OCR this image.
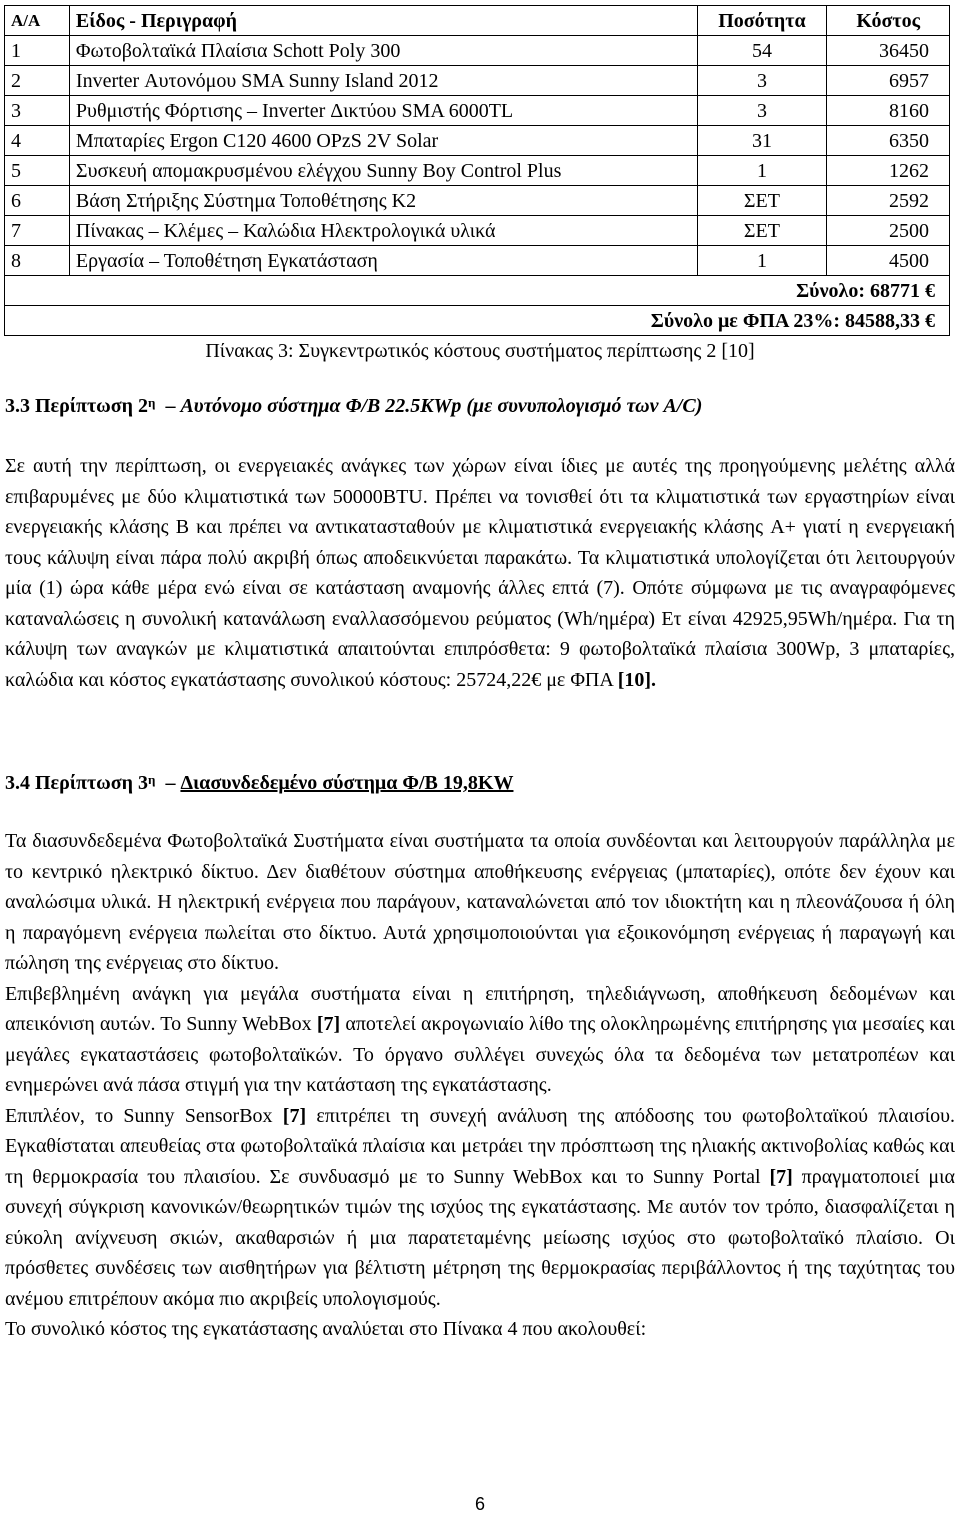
Α/Α	Είδος - Περιγραφή	Ποσότητα	Κόστος
1	Φωτοβολταϊκά Πλαίσια Schott Poly 300	54	36450
2	Inverter Αυτονόμου SMA Sunny Island 2012	3	6957
3	Ρυθμιστής Φόρτισης – Inverter Δικτύου SMA 6000TL	3	8160
4	Μπαταρίες Ergon C120 4600 OPzS 2V Solar	31	6350
5	Συσκευή απομακρυσμένου ελέγχου Sunny Boy Control Plus	1	1262
6	Βάση Στήριξης Σύστημα Τοποθέτησης Κ2	ΣΕΤ	2592
7	Πίνακας – Κλέμες – Καλώδια Ηλεκτρολογικά υλικά	ΣΕΤ	2500
8	Εργασία – Τοποθέτηση Εγκατάσταση	1	4500
Σύνολο: 68771 €			
Σύνολο με ΦΠΑ 23%: 84588,33 €			
Πίνακας 3: Συγκεντρωτικός κόστους συστήματος περίπτωσης 2 [10]
3.3 Περίπτωση $2^\eta$  – Αυτόνομο σύστημα Φ/Β 22.5KWp (με συνυπολογισμό των A/C)

Σε αυτή την περίπτωση, οι ενεργειακές ανάγκες των χώρων είναι ίδιες με αυτές της προηγούμενης μελέτης αλλά επιβαρυμένες με δύο κλιματιστικά των 50000BTU. Πρέπει να τονισθεί ότι τα κλιματιστικά των εργαστηρίων είναι ενεργειακής κλάσης B και πρέπει να αντικατασταθούν με κλιματιστικά ενεργειακής κλάσης A+ γιατί η ενεργειακή τους κάλυψη είναι πάρα πολύ ακριβή όπως αποδεικνύεται παρακάτω. Τα κλιματιστικά υπολογίζεται ότι λειτουργούν μία (1) ώρα κάθε μέρα ενώ είναι σε κατάσταση αναμονής άλλες επτά (7). Οπότε σύμφωνα με τις αναγραφόμενες καταναλώσεις η συνολική κατανάλωση εναλλασσόμενου ρεύματος (Wh/ημέρα) Eτ είναι 42925,95Wh/ημέρα. Για τη κάλυψη των αναγκών με κλιματιστικά απαιτούνται επιπρόσθετα: 9 φωτοβολταϊκά πλαίσια 300Wp, 3 μπαταρίες, καλώδια και κόστος εγκατάστασης συνολικού κόστους: 25724,22€ με ΦΠΑ [10].

3.4 Περίπτωση $3^\eta$  – Διασυνδεδεμένο σύστημα Φ/Β 19,8KW

Τα διασυνδεδεμένα Φωτοβολταϊκά Συστήματα είναι συστήματα τα οποία συνδέονται και λειτουργούν παράλληλα με το κεντρικό ηλεκτρικό δίκτυο. Δεν διαθέτουν σύστημα αποθήκευσης ενέργειας (μπαταρίες), οπότε δεν έχουν και αναλώσιμα υλικά. Η ηλεκτρική ενέργεια που παράγουν, καταναλώνεται από τον ιδιοκτήτη και η πλεονάζουσα ή όλη η παραγόμενη ενέργεια πωλείται στο δίκτυο. Αυτά χρησιμοποιούνται για εξοικονόμηση ενέργειας ή παραγωγή και πώληση της ενέργειας στο δίκτυο.

Επιβεβλημένη ανάγκη για μεγάλα συστήματα είναι η επιτήρηση, τηλεδιάγνωση, αποθήκευση δεδομένων και απεικόνιση αυτών. Το Sunny WebBox [7] αποτελεί ακρογωνιαίο λίθο της ολοκληρωμένης επιτήρησης για μεσαίες και μεγάλες εγκαταστάσεις φωτοβολταϊκών. Το όργανο συλλέγει συνεχώς όλα τα δεδομένα των μετατροπέων και ενημερώνει ανά πάσα στιγμή για την κατάσταση της εγκατάστασης.

Επιπλέον, το Sunny SensorBox [7] επιτρέπει τη συνεχή ανάλυση της απόδοσης του φωτοβολταϊκού πλαισίου. Εγκαθίσταται απευθείας στα φωτοβολταϊκά πλαίσια και μετράει την πρόσπτωση της ηλιακής ακτινοβολίας καθώς και τη θερμοκρασία του πλαισίου. Σε συνδυασμό με το Sunny WebBox και το Sunny Portal [7] πραγματοποιεί μια συνεχή σύγκριση κανονικών/θεωρητικών τιμών της ισχύος της εγκατάστασης. Με αυτόν τον τρόπο, διασφαλίζεται η εύκολη ανίχνευση σκιών, ακαθαρσιών ή μια παρατεταμένης μείωσης ισχύος στο φωτοβολταϊκό πλαίσιο. Οι πρόσθετες συνδέσεις των αισθητήρων για βέλτιστη μέτρηση της θερμοκρασίας περιβάλλοντος ή της ταχύτητας του ανέμου επιτρέπουν ακόμα πιο ακριβείς υπολογισμούς.

Το συνολικό κόστος της εγκατάστασης αναλύεται στο Πίνακα 4 που ακολουθεί:

6
